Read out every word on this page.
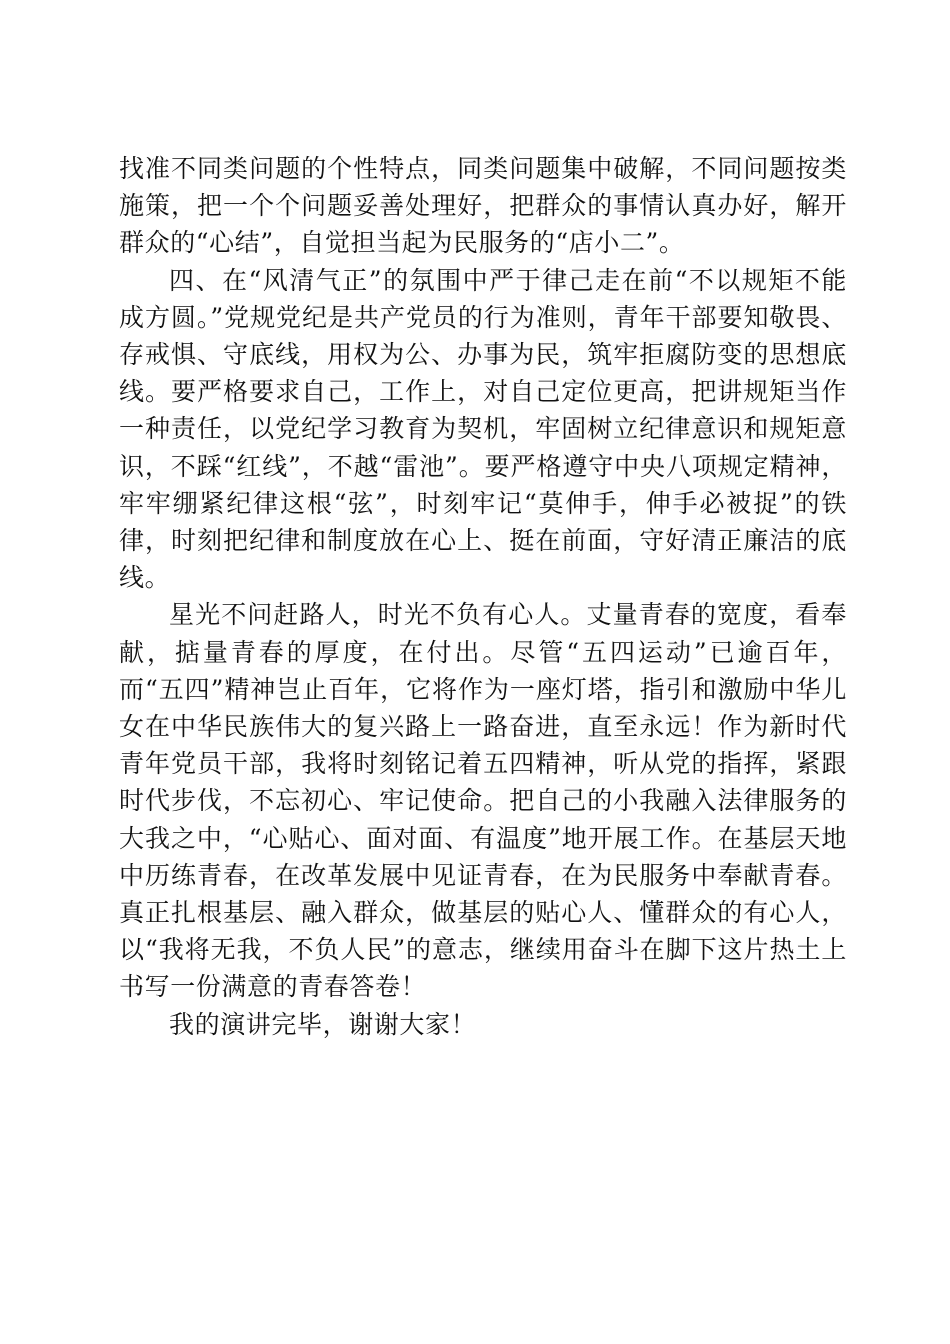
找准不同类问题的个性特点，同类问题集中破解，不同问题按类施策，把一个个问题妥善处理好，把群众的事情认真办好，解开群众的“心结”，自觉担当起为民服务的“店小二”。

四、在“风清气正”的氛围中严于律己走在前“不以规矩不能成方圆。”党规党纪是共产党员的行为准则，青年干部要知敬畏、存戒惧、守底线，用权为公、办事为民，筑牢拒腐防变的思想底线。要严格要求自己，工作上，对自己定位更高，把讲规矩当作一种责任，以党纪学习教育为契机，牢固树立纪律意识和规矩意识，不踩“红线”，不越“雷池”。要严格遵守中央八项规定精神，牢牢绷紧纪律这根“弦”，时刻牢记“莫伸手，伸手必被捉”的铁律，时刻把纪律和制度放在心上、挺在前面，守好清正廉洁的底线。

星光不问赶路人，时光不负有心人。丈量青春的宽度，看奉献，掂量青春的厚度，在付出。尽管“五四运动”已逾百年，而“五四”精神岂止百年，它将作为一座灯塔，指引和激励中华儿女在中华民族伟大的复兴路上一路奋进，直至永远！作为新时代青年党员干部，我将时刻铭记着五四精神，听从党的指挥，紧跟时代步伐，不忘初心、牢记使命。把自己的小我融入法律服务的大我之中，“心贴心、面对面、有温度”地开展工作。在基层天地中历练青春，在改革发展中见证青春，在为民服务中奉献青春。真正扎根基层、融入群众，做基层的贴心人、懂群众的有心人，以“我将无我，不负人民”的意志，继续用奋斗在脚下这片热土上书写一份满意的青春答卷！

我的演讲完毕，谢谢大家！
